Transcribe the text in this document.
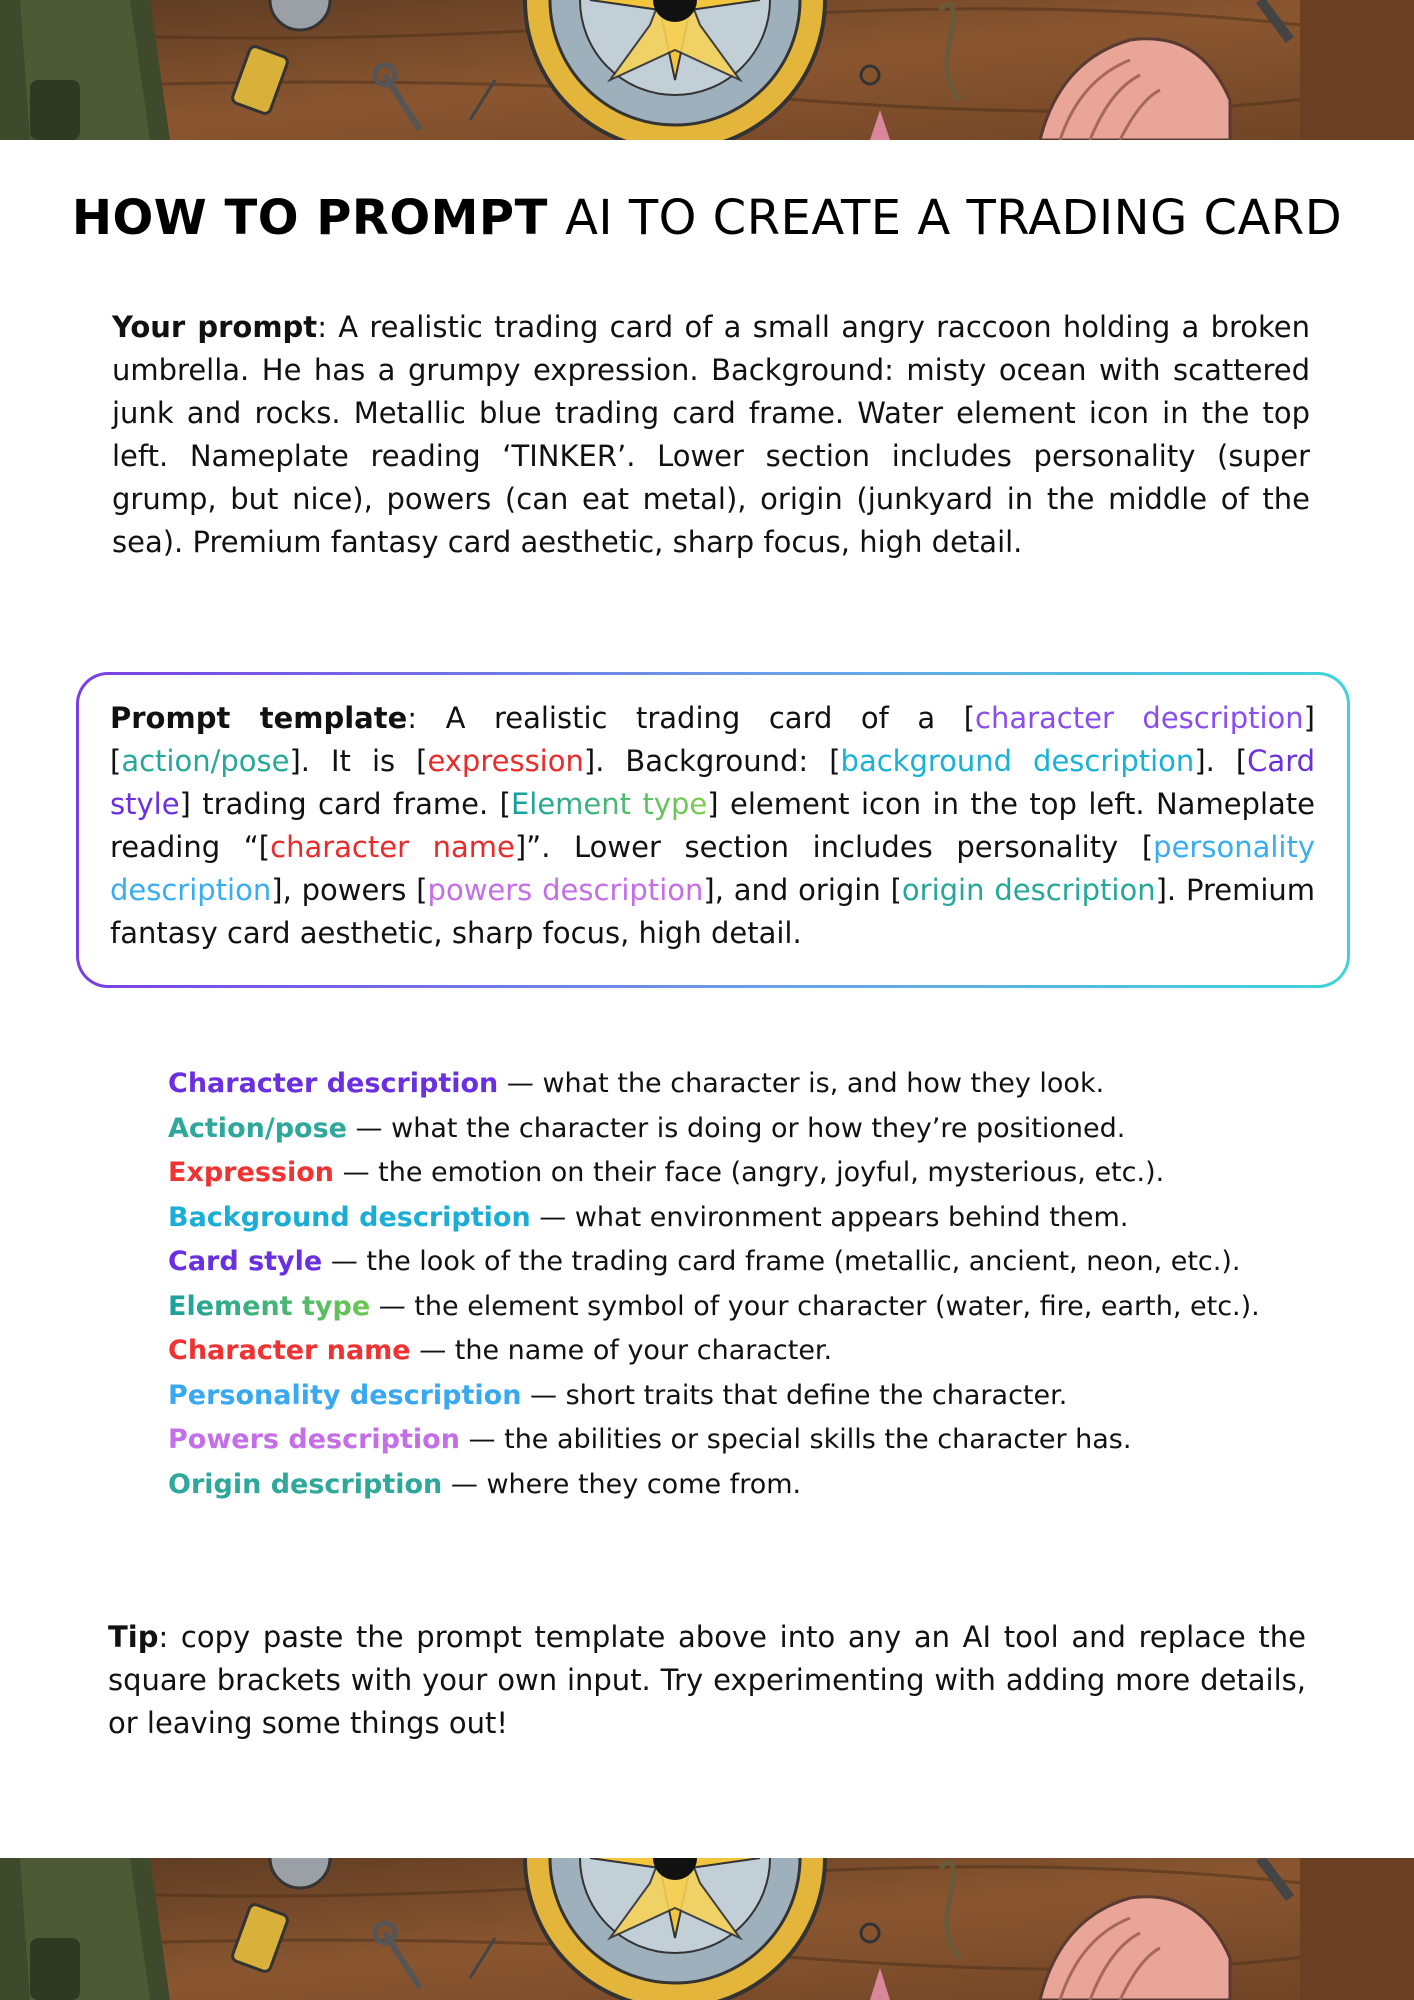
HOW TO PROMPT AI TO CREATE A TRADING CARD

Your prompt: A realistic trading card of a small angry raccoon holding a broken umbrella. He has a grumpy expression. Background: misty ocean with scattered junk and rocks. Metallic blue trading card frame. Water element icon in the top left. Nameplate reading ‘TINKER’. Lower section includes personality (super grump, but nice), powers (can eat metal), origin (junkyard in the middle of the sea). Premium fantasy card aesthetic, sharp focus, high detail.

Prompt template: A realistic trading card of a [character description] [action/pose]. It is [expression]. Background: [background description]. [Card style] trading card frame. [Element type] element icon in the top left. Nameplate reading “[character name]”. Lower section includes personality [personality description], powers [powers description], and origin [origin description]. Premium fantasy card aesthetic, sharp focus, high detail.

Character description — what the character is, and how they look.
Action/pose — what the character is doing or how they’re positioned.
Expression — the emotion on their face (angry, joyful, mysterious, etc.).
Background description — what environment appears behind them.
Card style — the look of the trading card frame (metallic, ancient, neon, etc.).
Element type — the element symbol of your character (water, fire, earth, etc.).
Character name — the name of your character.
Personality description — short traits that define the character.
Powers description — the abilities or special skills the character has.
Origin description — where they come from.

Tip: copy paste the prompt template above into any an AI tool and replace the square brackets with your own input. Try experimenting with adding more details, or leaving some things out!
